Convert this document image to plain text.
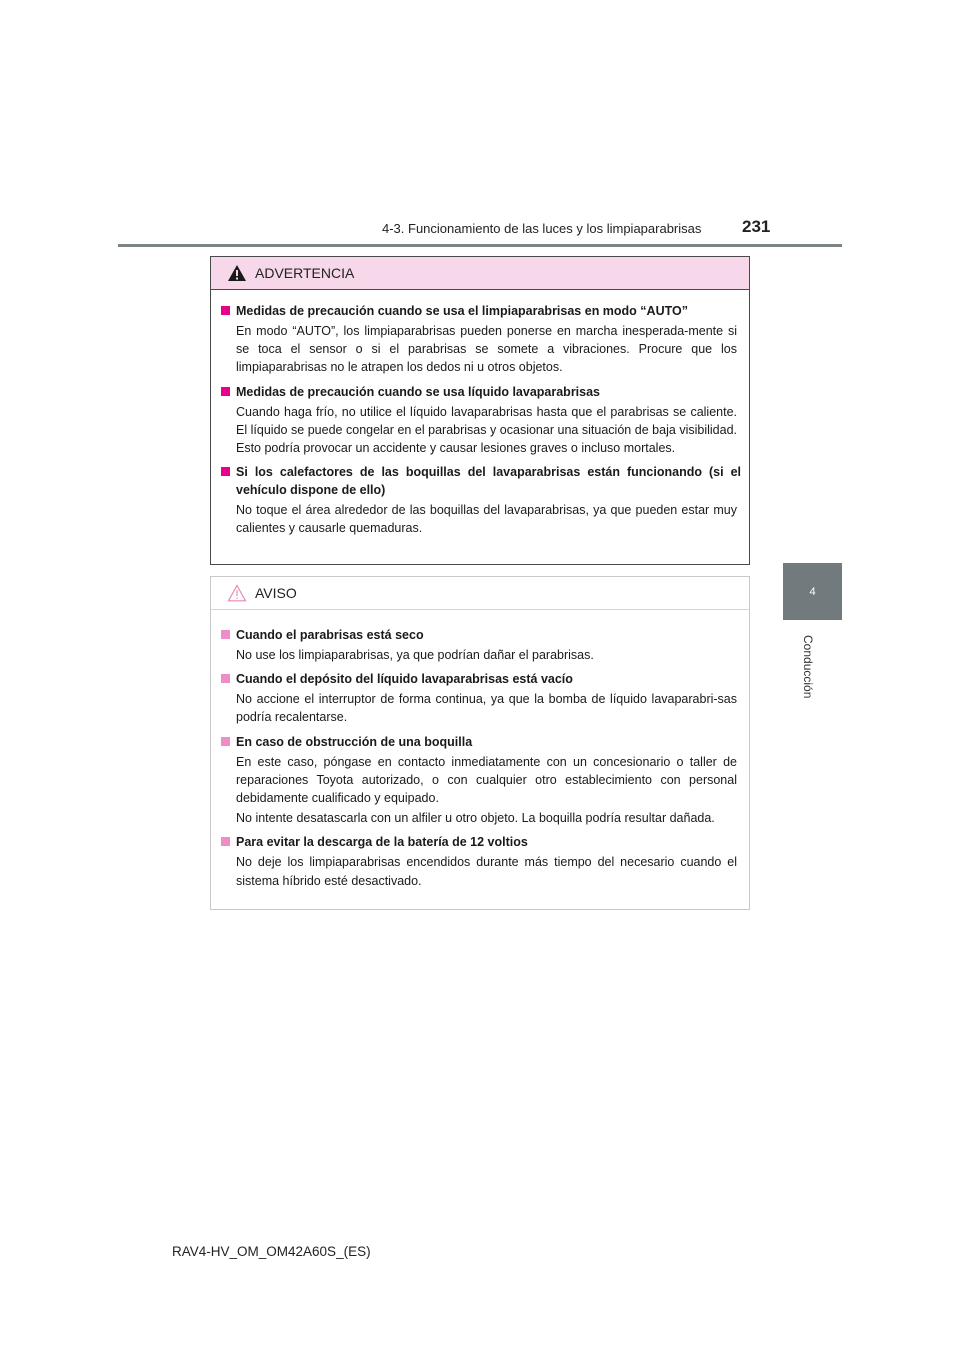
4-3. Funcionamiento de las luces y los limpiaparabrisas 231
4
Conducción
ADVERTENCIA
Medidas de precaución cuando se usa el limpiaparabrisas en modo “AUTO”
En modo “AUTO”, los limpiaparabrisas pueden ponerse en marcha inesperada-mente si se toca el sensor o si el parabrisas se somete a vibraciones. Procure que los limpiaparabrisas no le atrapen los dedos ni u otros objetos.
Medidas de precaución cuando se usa líquido lavaparabrisas
Cuando haga frío, no utilice el líquido lavaparabrisas hasta que el parabrisas se caliente. El líquido se puede congelar en el parabrisas y ocasionar una situación de baja visibilidad. Esto podría provocar un accidente y causar lesiones graves o incluso mortales.
Si los calefactores de las boquillas del lavaparabrisas están funcionando (si el vehículo dispone de ello)
No toque el área alrededor de las boquillas del lavaparabrisas, ya que pueden estar muy calientes y causarle quemaduras.
AVISO
Cuando el parabrisas está seco
No use los limpiaparabrisas, ya que podrían dañar el parabrisas.
Cuando el depósito del líquido lavaparabrisas está vacío
No accione el interruptor de forma continua, ya que la bomba de líquido lavaparabri-sas podría recalentarse.
En caso de obstrucción de una boquilla
En este caso, póngase en contacto inmediatamente con un concesionario o taller de reparaciones Toyota autorizado, o con cualquier otro establecimiento con personal debidamente cualificado y equipado.
No intente desatascarla con un alfiler u otro objeto. La boquilla podría resultar dañada.
Para evitar la descarga de la batería de 12 voltios
No deje los limpiaparabrisas encendidos durante más tiempo del necesario cuando el sistema híbrido esté desactivado.
RAV4-HV_OM_OM42A60S_(ES)
